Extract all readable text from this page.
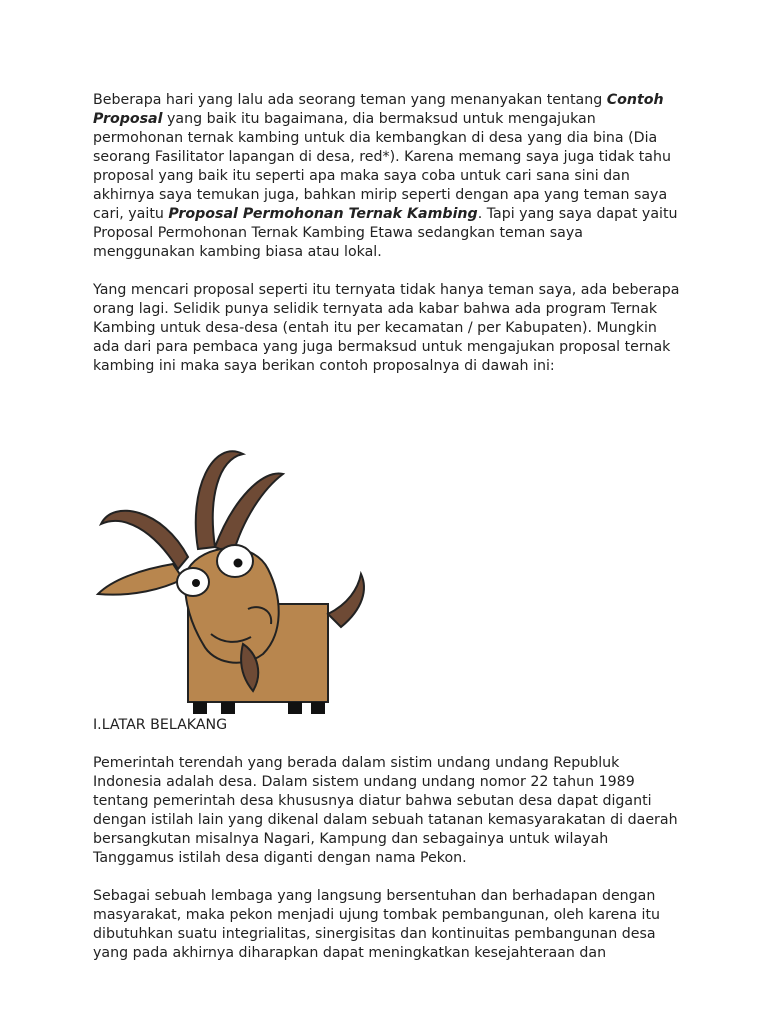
Beberapa hari yang lalu ada seorang teman yang menanyakan tentang Contoh Proposal yang baik itu bagaimana, dia bermaksud untuk mengajukan permohonan ternak kambing untuk dia kembangkan di desa yang dia bina (Dia seorang Fasilitator lapangan di desa, red*). Karena memang saya juga tidak tahu proposal yang baik itu seperti apa maka saya coba untuk cari sana sini dan akhirnya saya temukan juga, bahkan mirip seperti dengan apa yang teman saya cari, yaitu Proposal Permohonan Ternak Kambing. Tapi yang saya dapat yaitu Proposal Permohonan Ternak Kambing Etawa sedangkan teman saya menggunakan kambing biasa atau lokal.

Yang mencari proposal seperti itu ternyata tidak hanya teman saya, ada beberapa orang lagi. Selidik punya selidik ternyata ada kabar bahwa ada program Ternak Kambing untuk desa-desa (entah itu per kecamatan / per Kabupaten). Mungkin ada dari para pembaca yang juga bermaksud untuk mengajukan proposal ternak kambing ini maka saya berikan contoh proposalnya di dawah ini:

I.LATAR BELAKANG

Pemerintah terendah yang berada dalam sistim undang undang Republuk Indonesia adalah desa. Dalam sistem undang undang nomor 22 tahun 1989 tentang pemerintah desa khususnya diatur bahwa sebutan desa dapat diganti dengan istilah lain yang dikenal dalam sebuah tatanan kemasyarakatan di daerah bersangkutan misalnya Nagari, Kampung dan sebagainya untuk wilayah Tanggamus istilah desa diganti dengan nama Pekon.

Sebagai sebuah lembaga yang langsung bersentuhan dan berhadapan dengan masyarakat, maka pekon menjadi ujung tombak pembangunan, oleh karena itu dibutuhkan suatu integrialitas, sinergisitas dan kontinuitas pembangunan desa yang pada akhirnya diharapkan dapat meningkatkan kesejahteraan dan
